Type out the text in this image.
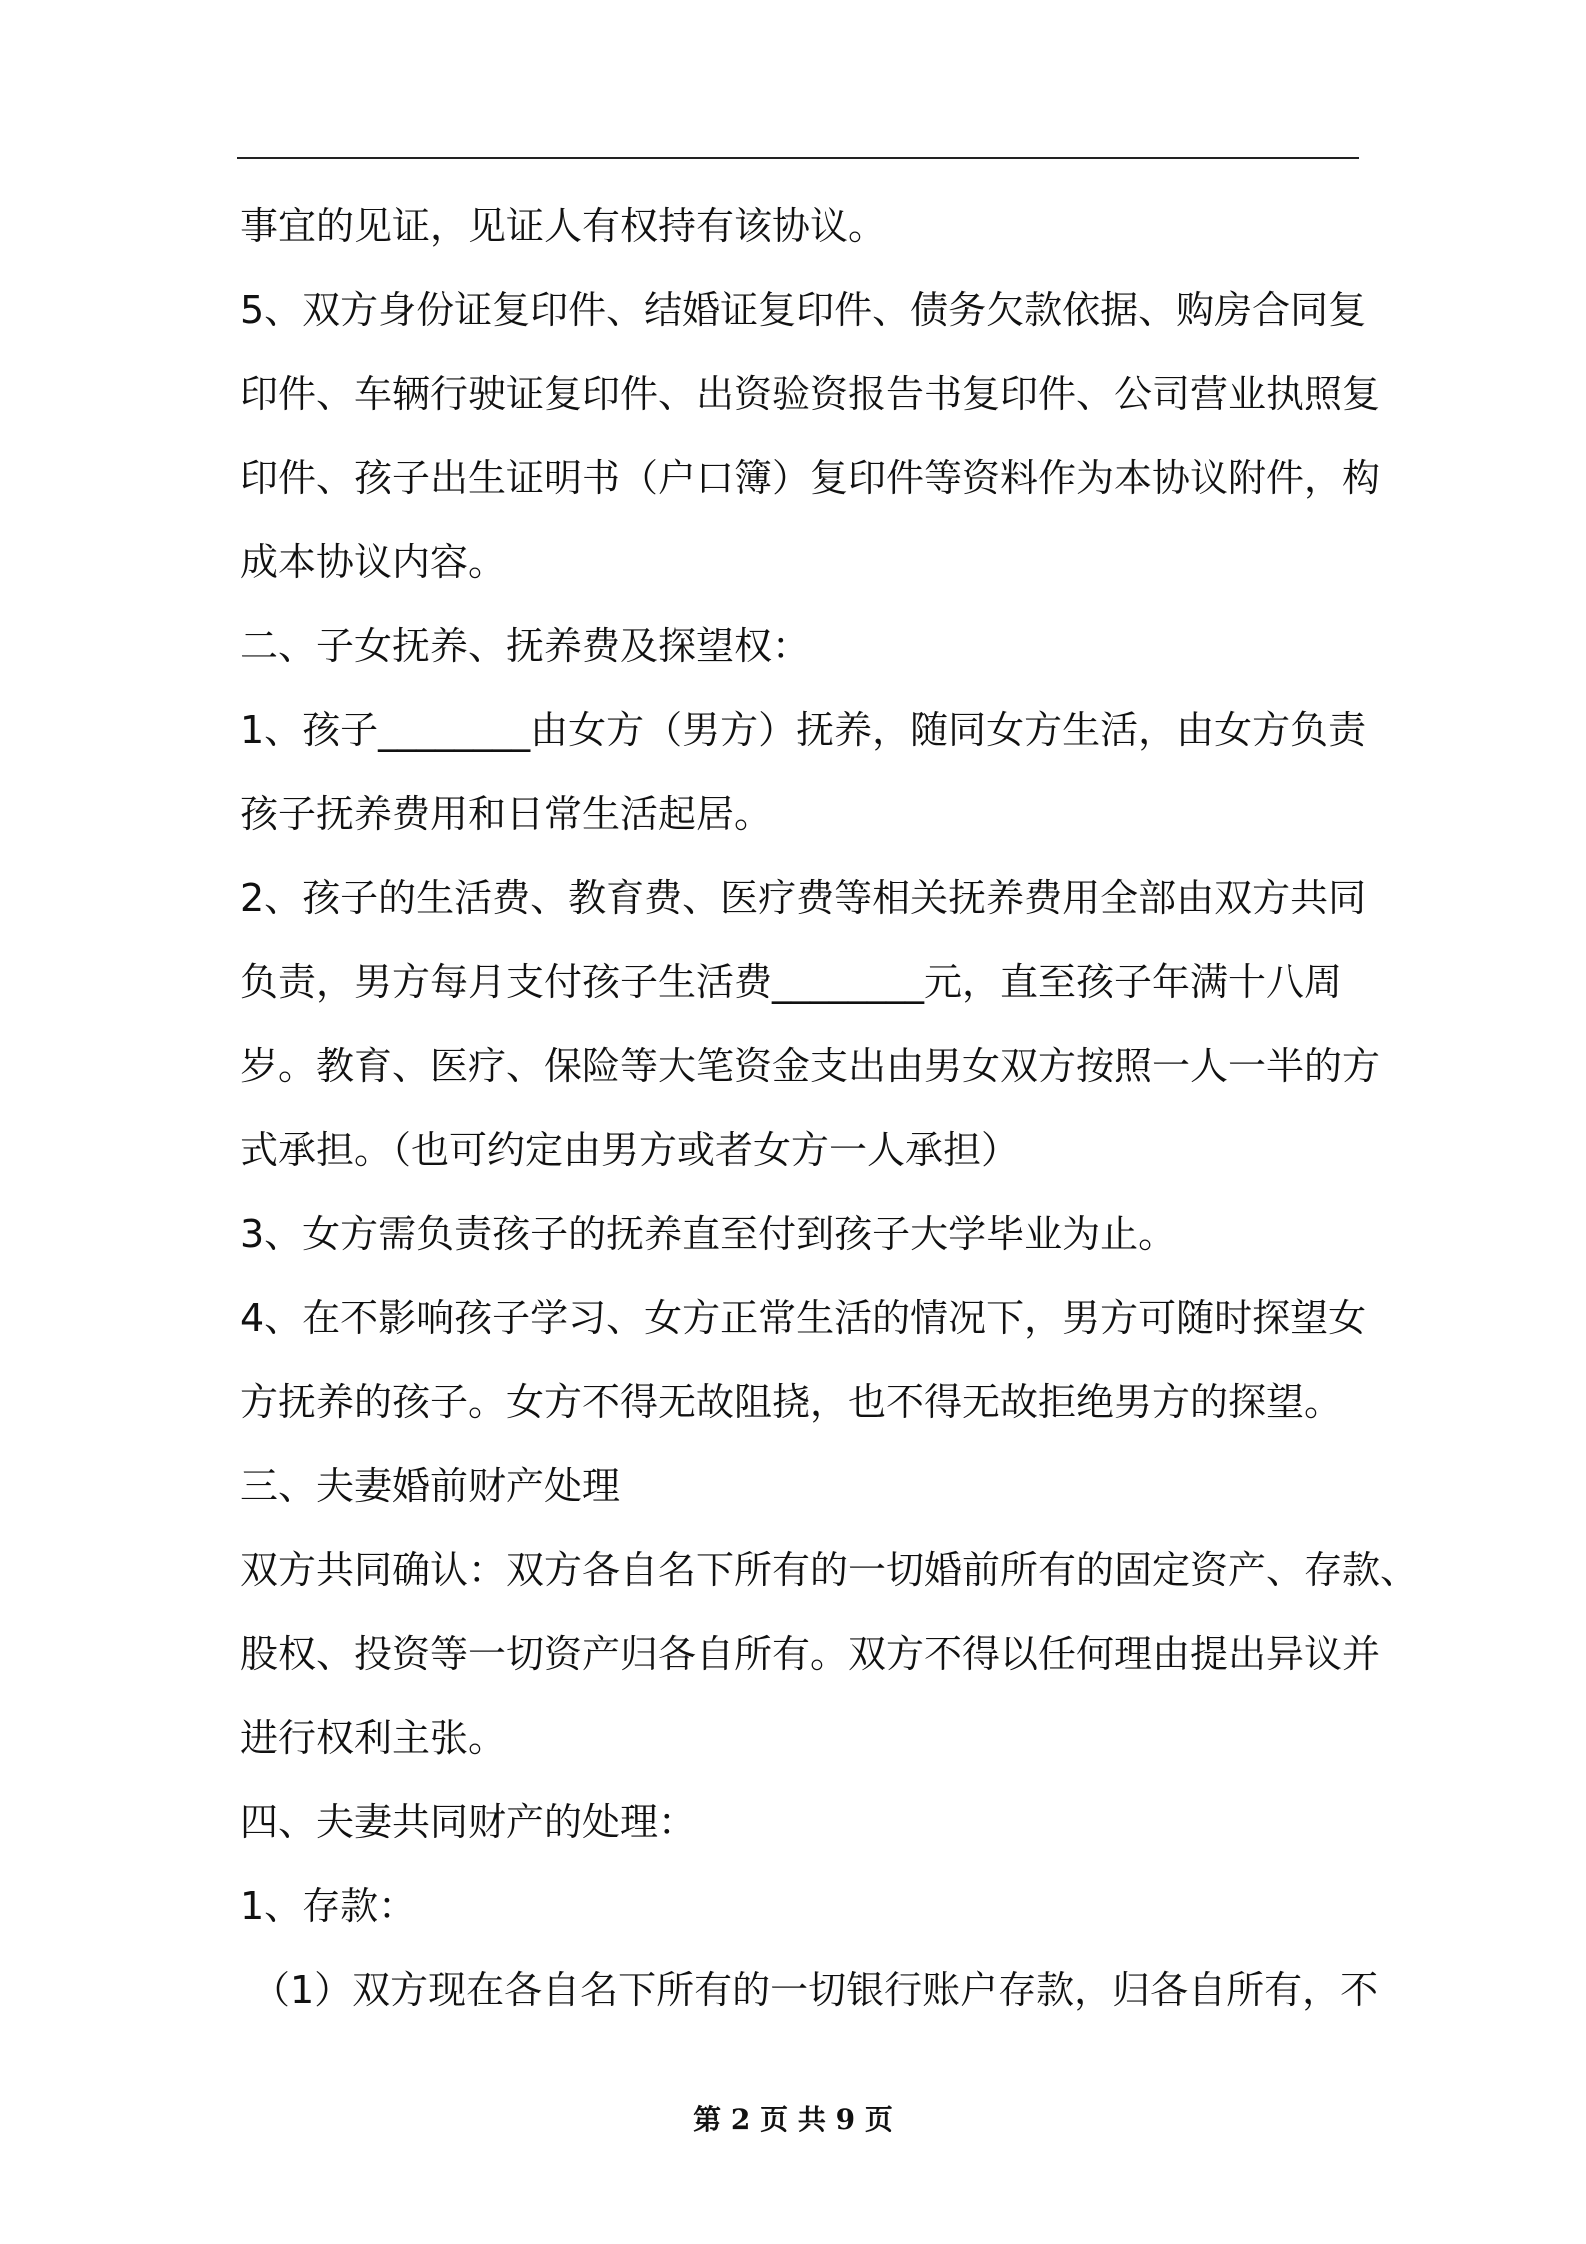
事宜的见证，见证人有权持有该协议。
5、双方身份证复印件、结婚证复印件、债务欠款依据、购房合同复
印件、车辆行驶证复印件、出资验资报告书复印件、公司营业执照复
印件、孩子出生证明书（户口簿）复印件等资料作为本协议附件，构
成本协议内容。
二、子女抚养、抚养费及探望权：
1、孩子________由女方（男方）抚养，随同女方生活，由女方负责
孩子抚养费用和日常生活起居。
2、孩子的生活费、教育费、医疗费等相关抚养费用全部由双方共同
负责，男方每月支付孩子生活费________元，直至孩子年满十八周
岁。教育、医疗、保险等大笔资金支出由男女双方按照一人一半的方
式承担。（也可约定由男方或者女方一人承担）
3、女方需负责孩子的抚养直至付到孩子大学毕业为止。
4、在不影响孩子学习、女方正常生活的情况下，男方可随时探望女
方抚养的孩子。女方不得无故阻挠，也不得无故拒绝男方的探望。
三、夫妻婚前财产处理
双方共同确认：双方各自名下所有的一切婚前所有的固定资产、存款、
股权、投资等一切资产归各自所有。双方不得以任何理由提出异议并
进行权利主张。
四、夫妻共同财产的处理：
1、存款：
（1）双方现在各自名下所有的一切银行账户存款，归各自所有，不
第 2 页 共 9 页
